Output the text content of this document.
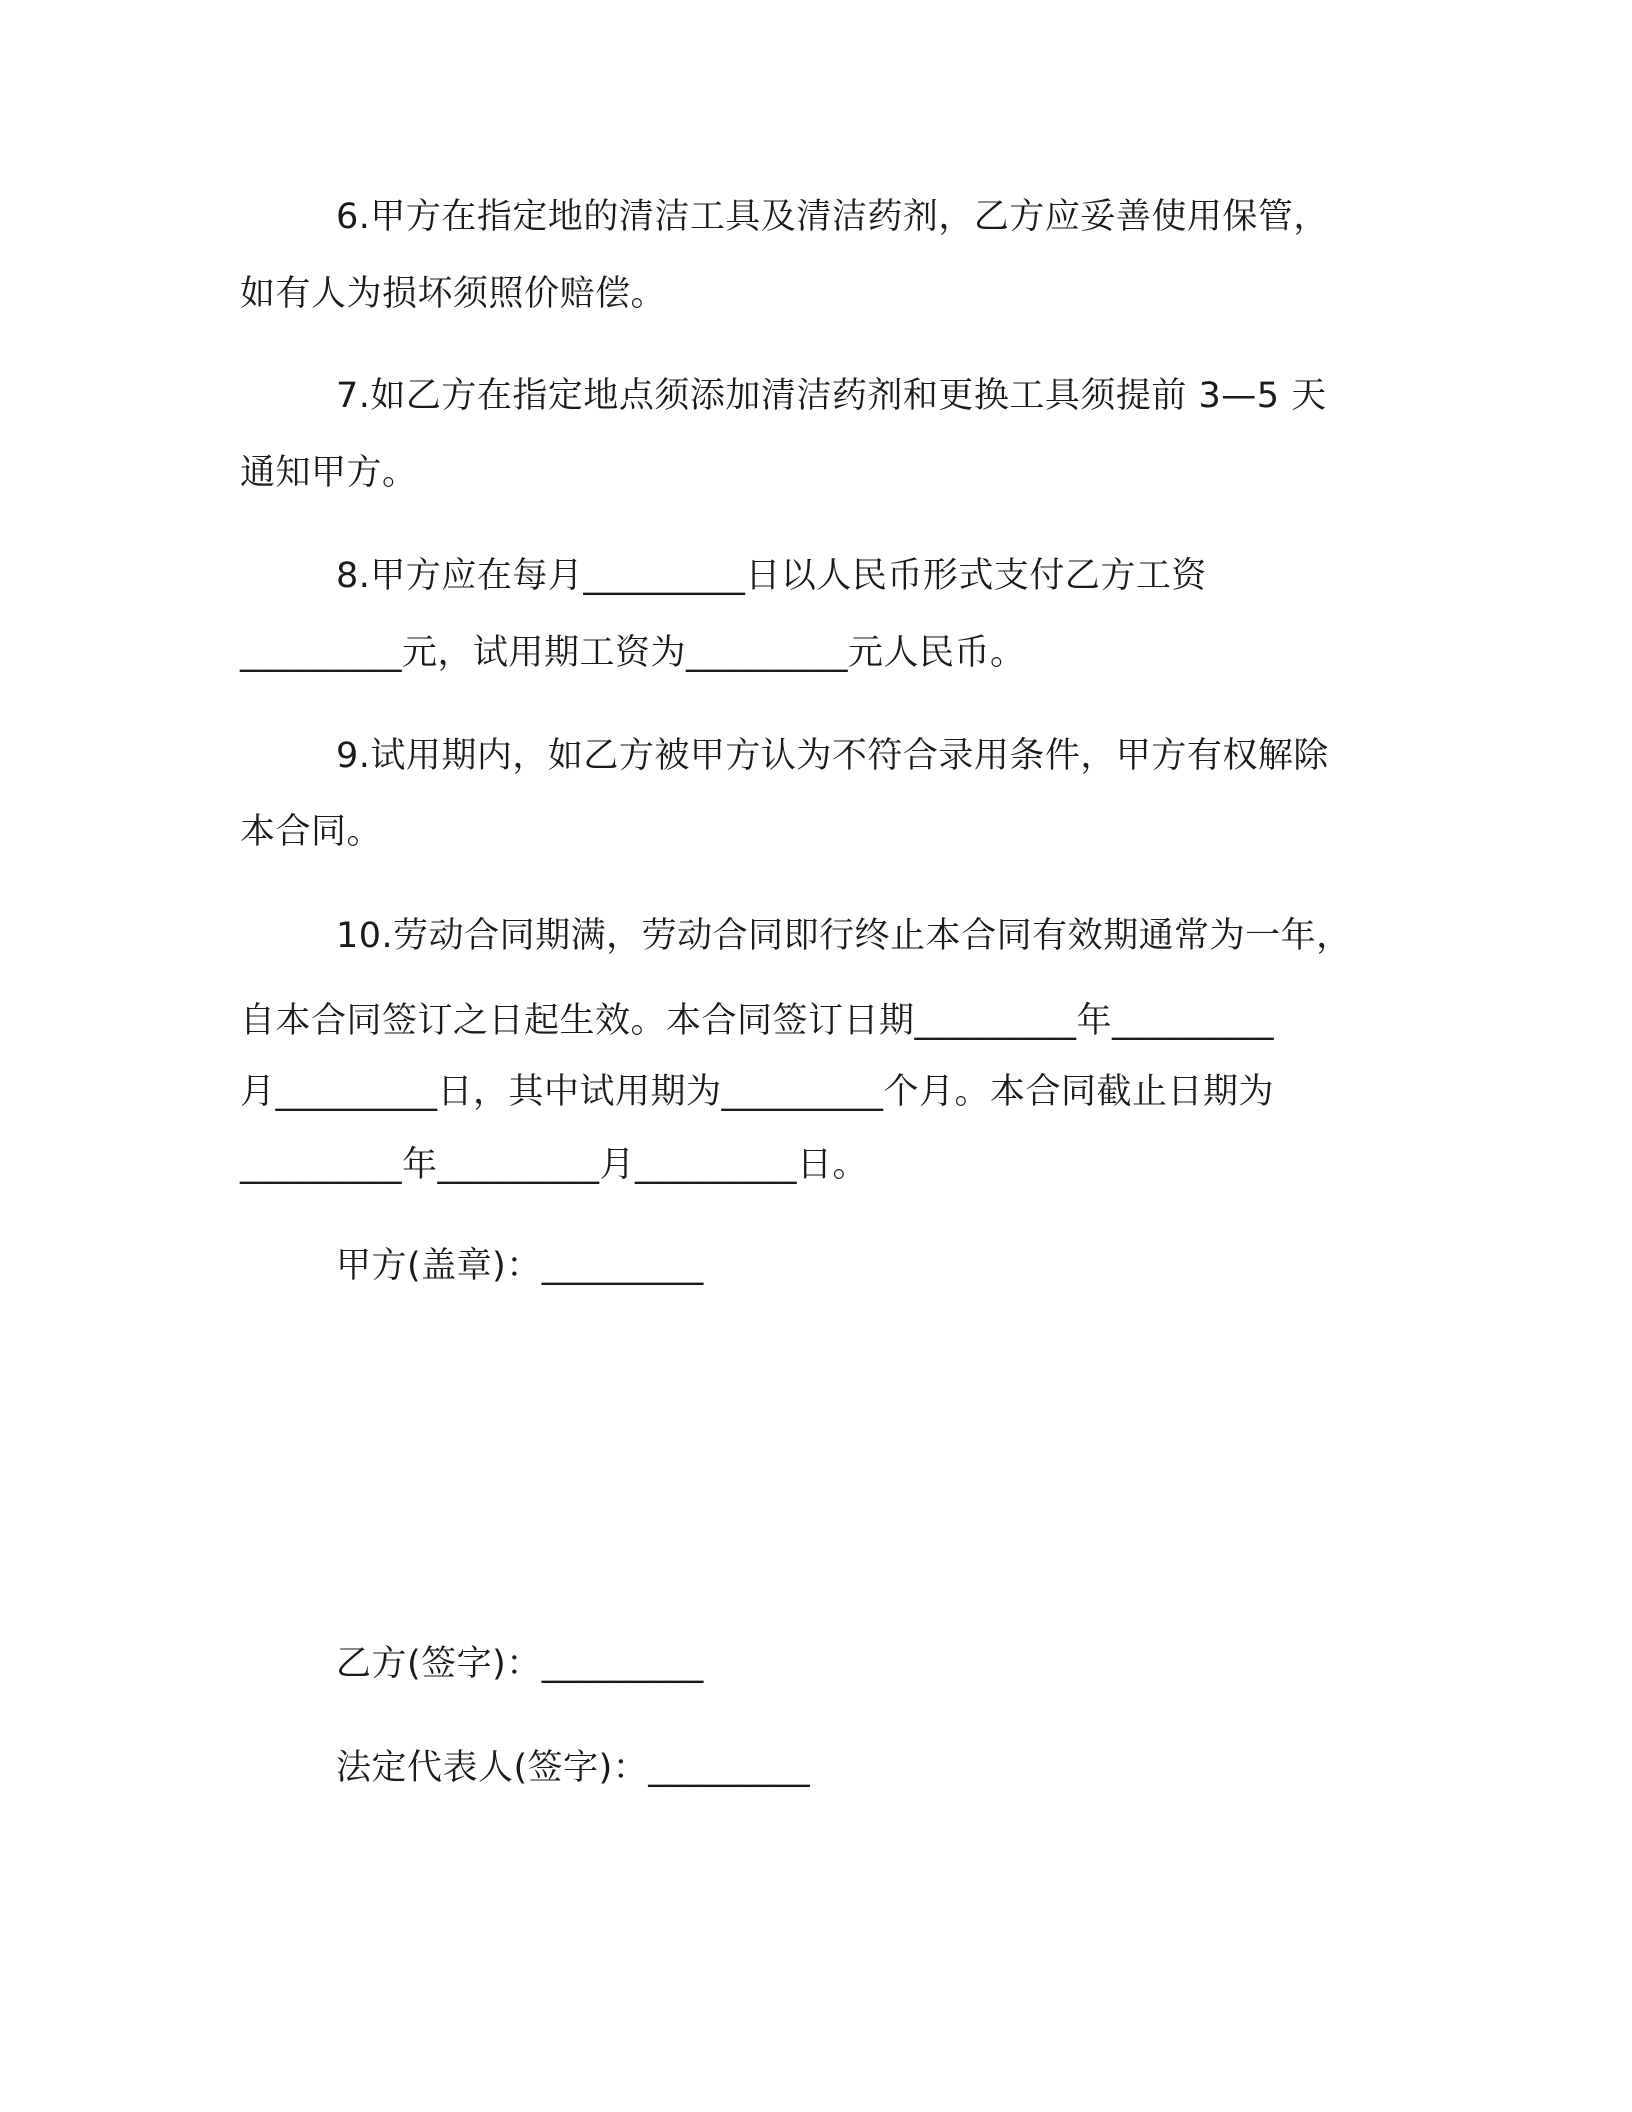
6.甲方在指定地的清洁工具及清洁药剂，乙方应妥善使用保管，
如有人为损坏须照价赔偿。
7.如乙方在指定地点须添加清洁药剂和更换工具须提前 3—5 天
通知甲方。
8.甲方应在每月_________日以人民币形式支付乙方工资
_________元，试用期工资为_________元人民币。
9.试用期内，如乙方被甲方认为不符合录用条件，甲方有权解除
本合同。
10.劳动合同期满，劳动合同即行终止本合同有效期通常为一年，
自本合同签订之日起生效。本合同签订日期_________年_________
月_________日，其中试用期为_________个月。本合同截止日期为
_________年_________月_________日。
甲方(盖章)：_________
乙方(签字)：_________
法定代表人(签字)：_________
